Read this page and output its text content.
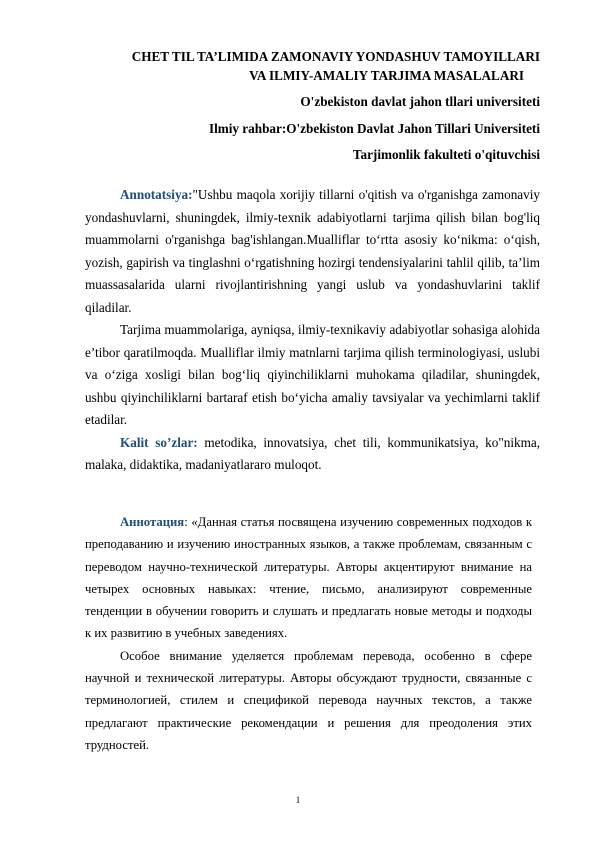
CHET TIL TA’LIMIDA ZAMONAVIY YONDASHUV TAMOYILLARI
VA ILMIY-AMALIY TARJIMA MASALALARI
O'zbekiston davlat jahon tllari universiteti
Ilmiy rahbar:O'zbekiston Davlat Jahon Tillari Universiteti
Tarjimonlik fakulteti o'qituvchisi

Annotatsiya:"Ushbu maqola xorijiy tillarni o'qitish va o'rganishga zamonaviy yondashuvlarni, shuningdek, ilmiy-texnik adabiyotlarni tarjima qilish bilan bog'liq muammolarni o'rganishga bag'ishlangan.Mualliflar to‘rtta asosiy ko‘nikma: o‘qish, yozish, gapirish va tinglashni o‘rgatishning hozirgi tendensiyalarini tahlil qilib, ta’lim muassasalarida ularni rivojlantirishning yangi uslub va yondashuvlarini taklif qiladilar.

Tarjima muammolariga, ayniqsa, ilmiy-texnikaviy adabiyotlar sohasiga alohida e’tibor qaratilmoqda. Mualliflar ilmiy matnlarni tarjima qilish terminologiyasi, uslubi va o‘ziga xosligi bilan bog‘liq qiyinchiliklarni muhokama qiladilar, shuningdek, ushbu qiyinchiliklarni bartaraf etish bo‘yicha amaliy tavsiyalar va yechimlarni taklif etadilar.

Kalit so’zlar: metodika, innovatsiya, chet tili, kommunikatsiya, ko"nikma, malaka, didaktika, madaniyatlararo muloqot.

Аннотация: «Данная статья посвящена изучению современных подходов к преподаванию и изучению иностранных языков, а также проблемам, связанным с переводом научно-технической литературы. Авторы акцентируют внимание на четырех основных навыках: чтение, письмо, анализируют современные тенденции в обучении говорить и слушать и предлагать новые методы и подходы к их развитию в учебных заведениях.

Особое внимание уделяется проблемам перевода, особенно в сфере научной и технической литературы. Авторы обсуждают трудности, связанные с терминологией, стилем и спецификой перевода научных текстов, а также предлагают практические рекомендации и решения для преодоления этих трудностей.

1
